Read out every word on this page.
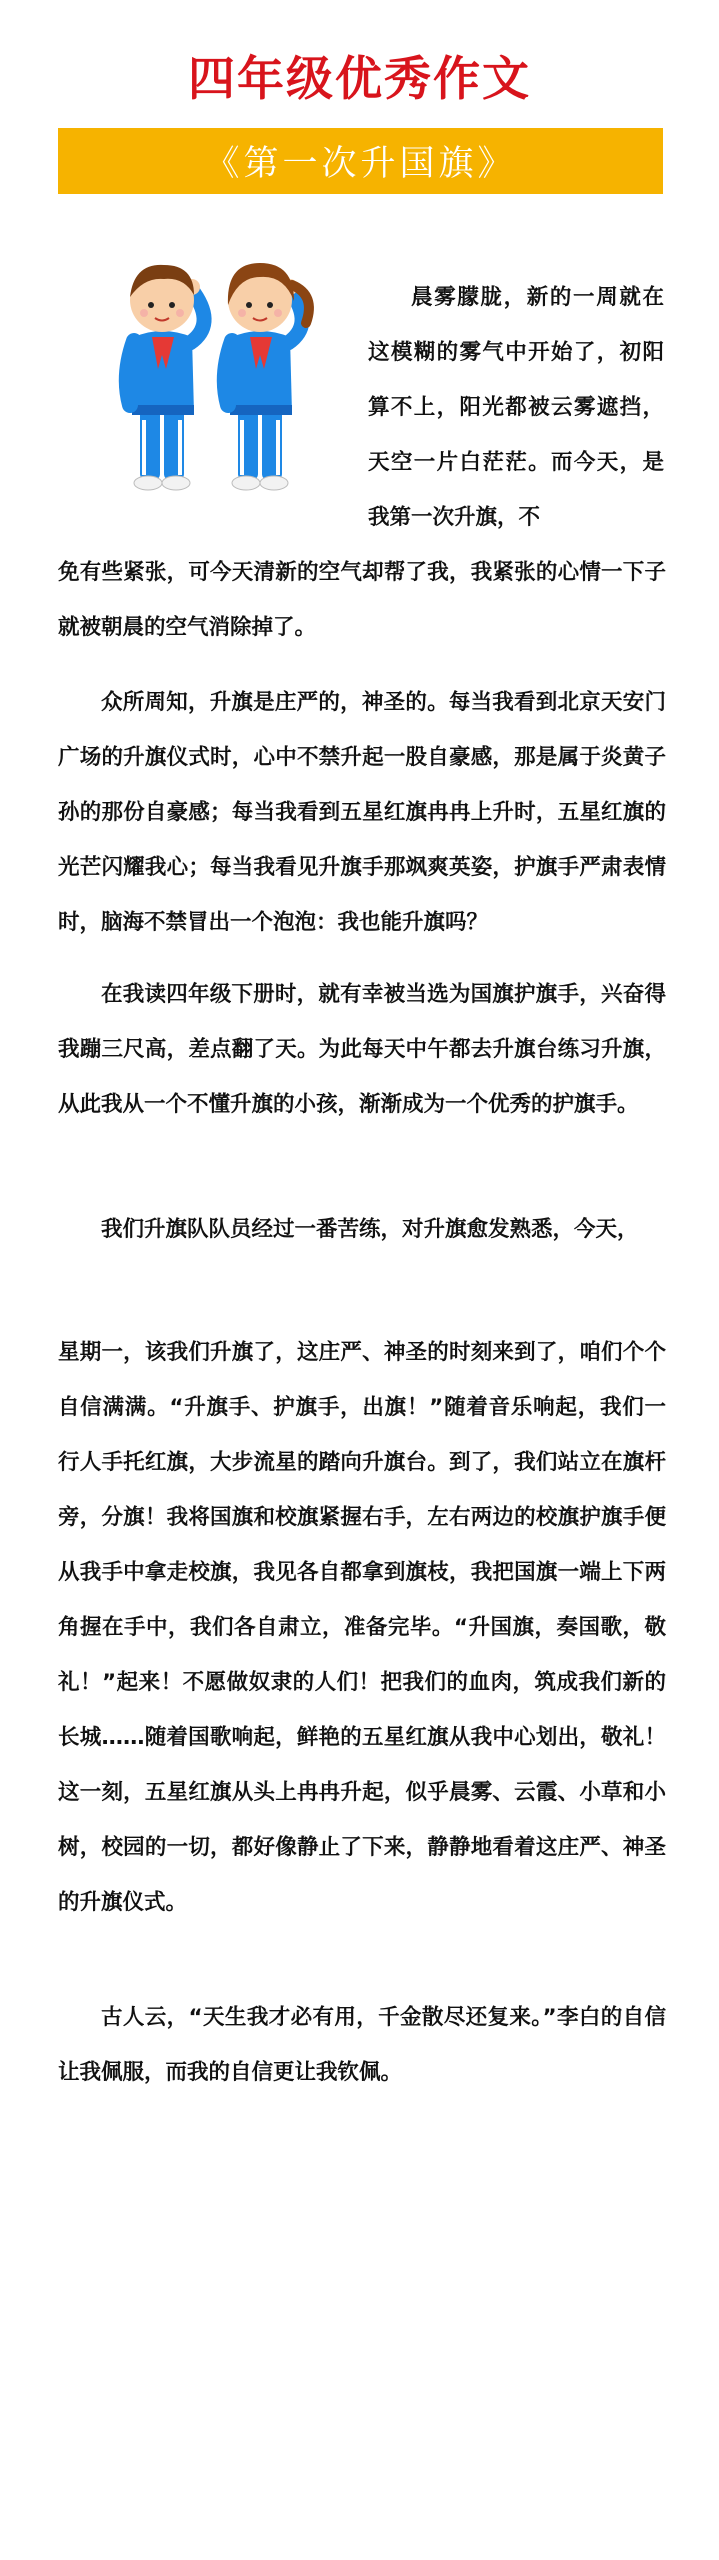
四年级优秀作文
《第一次升国旗》
晨雾朦胧，新的一周就在这模糊的雾气中开始了，初阳算不上，阳光都被云雾遮挡，天空一片白茫茫。而今天，是我第一次升旗，不
免有些紧张，可今天清新的空气却帮了我，我紧张的心情一下子就被朝晨的空气消除掉了。
众所周知，升旗是庄严的，神圣的。每当我看到北京天安门广场的升旗仪式时，心中不禁升起一股自豪感，那是属于炎黄子孙的那份自豪感；每当我看到五星红旗冉冉上升时，五星红旗的光芒闪耀我心；每当我看见升旗手那飒爽英姿，护旗手严肃表情时，脑海不禁冒出一个泡泡：我也能升旗吗？
在我读四年级下册时，就有幸被当选为国旗护旗手，兴奋得我蹦三尺高，差点翻了天。为此每天中午都去升旗台练习升旗，从此我从一个不懂升旗的小孩，渐渐成为一个优秀的护旗手。
我们升旗队队员经过一番苦练，对升旗愈发熟悉，今天，
星期一，该我们升旗了，这庄严、神圣的时刻来到了，咱们个个自信满满。“升旗手、护旗手，出旗！”随着音乐响起，我们一行人手托红旗，大步流星的踏向升旗台。到了，我们站立在旗杆旁，分旗！我将国旗和校旗紧握右手，左右两边的校旗护旗手便从我手中拿走校旗，我见各自都拿到旗枝，我把国旗一端上下两角握在手中，我们各自肃立，准备完毕。“升国旗，奏国歌，敬礼！”起来！不愿做奴隶的人们！把我们的血肉，筑成我们新的长城……随着国歌响起，鲜艳的五星红旗从我中心划出，敬礼！这一刻，五星红旗从头上冉冉升起，似乎晨雾、云霞、小草和小树，校园的一切，都好像静止了下来，静静地看着这庄严、神圣的升旗仪式。
古人云，“天生我才必有用，千金散尽还复来。”李白的自信让我佩服，而我的自信更让我钦佩。
